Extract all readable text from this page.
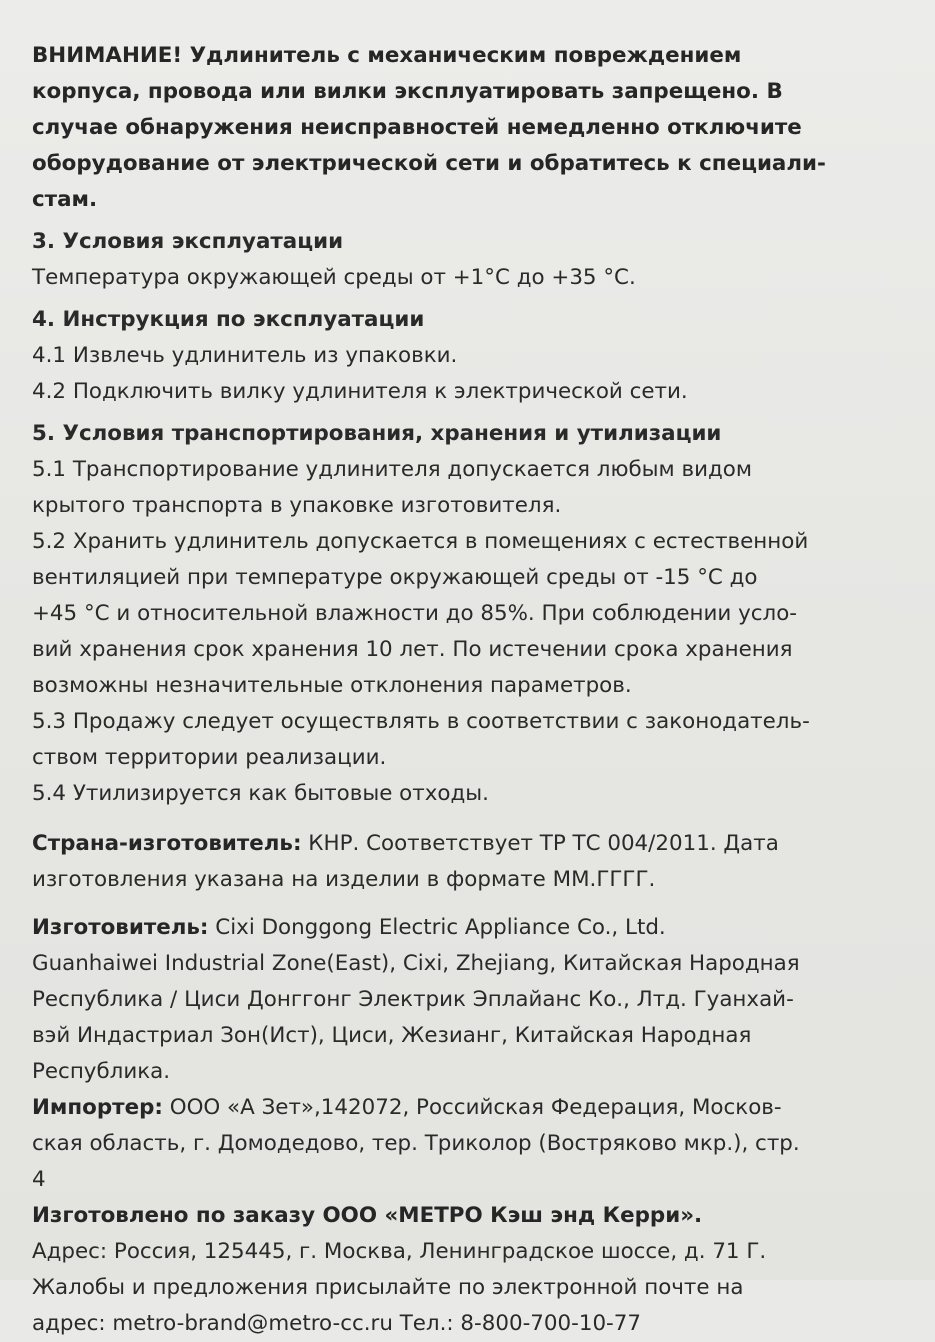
ВНИМАНИЕ! Удлинитель с механическим повреждением

корпуса, провода или вилки эксплуатировать запрещено. В

случае обнаружения неисправностей немедленно отключите

оборудование от электрической сети и обратитесь к специали-

стам.

3. Условия эксплуатации

Температура окружающей среды от +1°С до +35 °С.

4. Инструкция по эксплуатации

4.1 Извлечь удлинитель из упаковки.

4.2 Подключить вилку удлинителя к электрической сети.

5. Условия транспортирования, хранения и утилизации

5.1 Транспортирование удлинителя допускается любым видом

крытого транспорта в упаковке изготовителя.

5.2 Хранить удлинитель допускается в помещениях с естественной

вентиляцией при температуре окружающей среды от -15 °С до

+45 °С и относительной влажности до 85%. При соблюдении усло-

вий хранения срок хранения 10 лет. По истечении срока хранения

возможны незначительные отклонения параметров.

5.3 Продажу следует осуществлять в соответствии с законодатель-

ством территории реализации.

5.4 Утилизируется как бытовые отходы.

Страна-изготовитель: КНР. Соответствует ТР ТС 004/2011. Дата

изготовления указана на изделии в формате ММ.ГГГГ.

Изготовитель: Cixi Donggong Electric Appliance Co., Ltd.

Guanhaiwei Industrial Zone(East), Cixi, Zhejiang, Китайская Народная

Республика / Циси Донггонг Электрик Эплайанс Ко., Лтд. Гуанхай-

вэй Индастриал Зон(Ист), Циси, Жезианг, Китайская Народная

Республика.

Импортер: ООО «А Зет»,142072, Российская Федерация, Москов-

ская область, г. Домодедово, тер. Триколор (Востряково мкр.), стр.

4

Изготовлено по заказу ООО «МЕТРО Кэш энд Керри».

Адрес: Россия, 125445, г. Москва, Ленинградское шоссе, д. 71 Г.

Жалобы и предложения присылайте по электронной почте на

адрес: metro-brand@metro-cc.ru Тел.: 8-800-700-10-77
